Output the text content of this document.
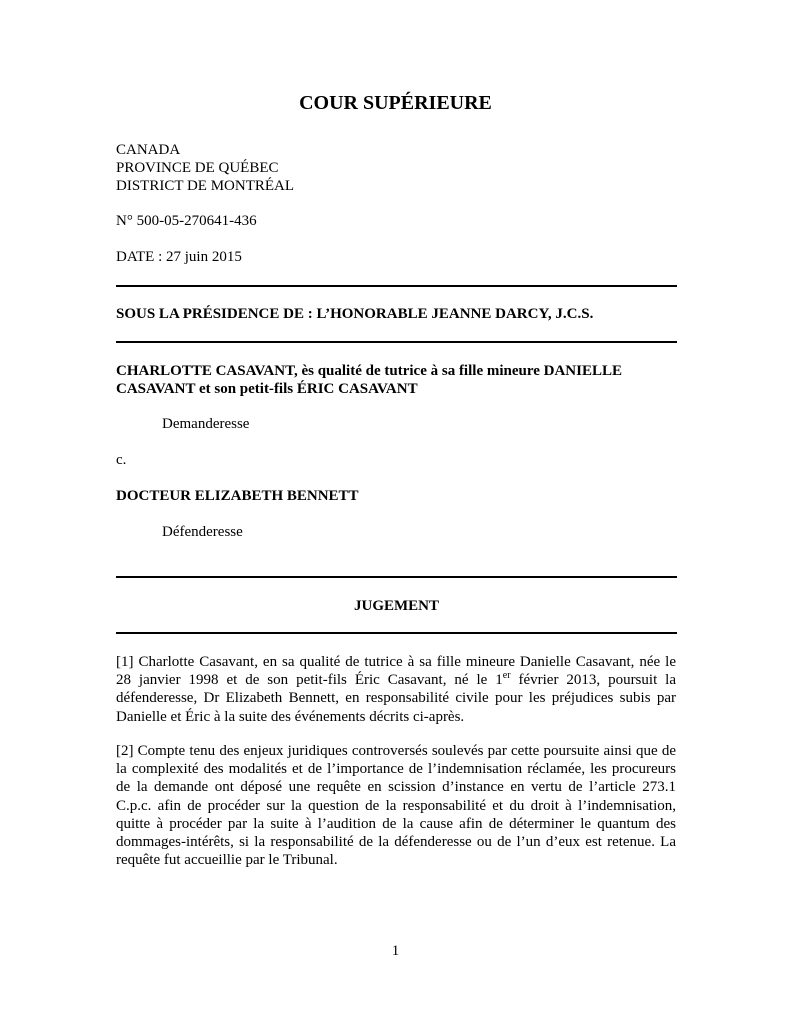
COUR SUPÉRIEURE
CANADA
PROVINCE DE QUÉBEC
DISTRICT DE MONTRÉAL
N° 500-05-270641-436
DATE : 27 juin 2015
SOUS LA PRÉSIDENCE DE : L’HONORABLE JEANNE DARCY, J.C.S.
CHARLOTTE CASAVANT, ès qualité de tutrice à sa fille mineure DANIELLE
CASAVANT et son petit-fils ÉRIC CASAVANT
Demanderesse
c.
DOCTEUR ELIZABETH BENNETT
Défenderesse
JUGEMENT
[1] Charlotte Casavant, en sa qualité de tutrice à sa fille mineure Danielle Casavant, née le 28 janvier 1998 et de son petit-fils Éric Casavant, né le 1er février 2013, poursuit la défenderesse, Dr Elizabeth Bennett, en responsabilité civile pour les préjudices subis par Danielle et Éric à la suite des événements décrits ci-après.
[2] Compte tenu des enjeux juridiques controversés soulevés par cette poursuite ainsi que de la complexité des modalités et de l’importance de l’indemnisation réclamée, les procureurs de la demande ont déposé une requête en scission d’instance en vertu de l’article 273.1 C.p.c. afin de procéder sur la question de la responsabilité et du droit à l’indemnisation, quitte à procéder par la suite à l’audition de la cause afin de déterminer le quantum des dommages-intérêts, si la responsabilité de la défenderesse ou de l’un d’eux est retenue. La requête fut accueillie par le Tribunal.
1
